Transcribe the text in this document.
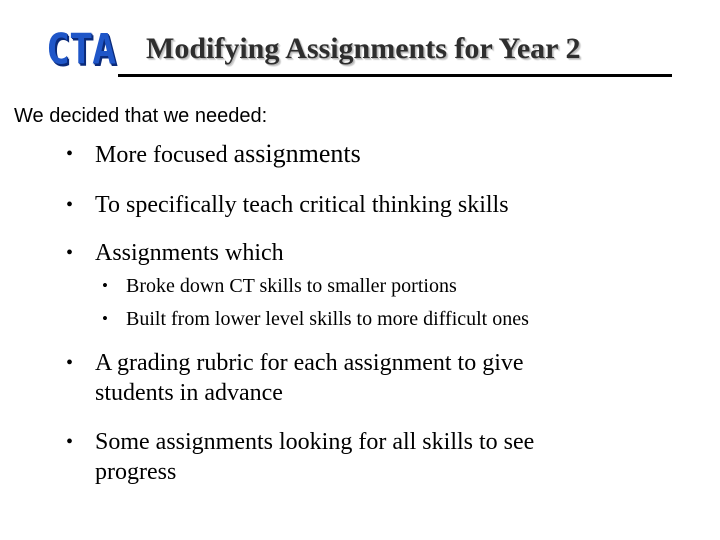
CTA Modifying Assignments for Year 2
We decided that we needed:
• More focused assignments
• To specifically teach critical thinking skills
• Assignments which
• Broke down CT skills to smaller portions
• Built from lower level skills to more difficult ones
• A grading rubric for each assignment to give
students in advance
• Some assignments looking for all skills to see
progress
